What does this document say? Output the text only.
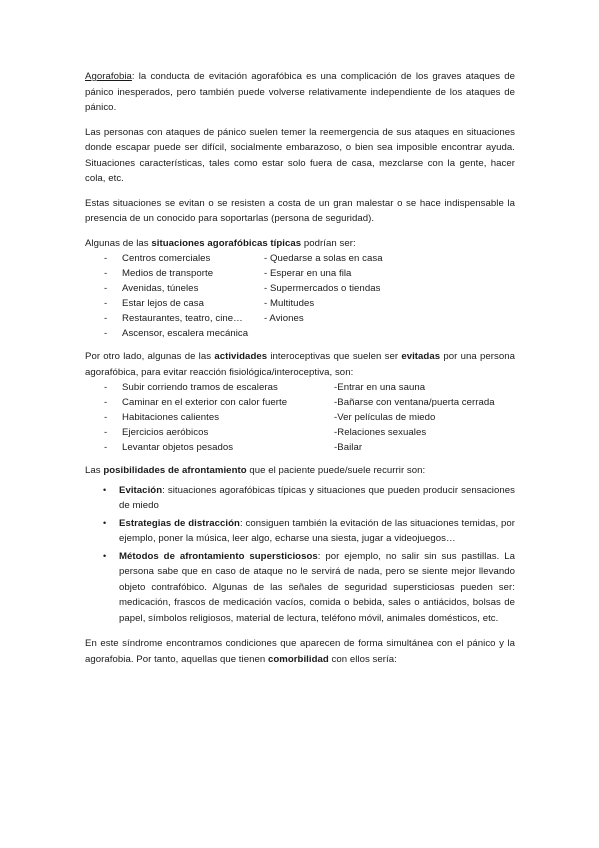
Agorafobia: la conducta de evitación agorafóbica es una complicación de los graves ataques de pánico inesperados, pero también puede volverse relativamente independiente de los ataques de pánico.

Las personas con ataques de pánico suelen temer la reemergencia de sus ataques en situaciones donde escapar puede ser difícil, socialmente embarazoso, o bien sea imposible encontrar ayuda. Situaciones características, tales como estar solo fuera de casa, mezclarse con la gente, hacer cola, etc.

Estas situaciones se evitan o se resisten a costa de un gran malestar o se hace indispensable la presencia de un conocido para soportarlas (persona de seguridad).

Algunas de las situaciones agorafóbicas típicas podrían ser:

-	Centros comerciales	- Quedarse a solas en casa
-	Medios de transporte	- Esperar en una fila
-	Avenidas, túneles	- Supermercados o tiendas
-	Estar lejos de casa	- Multitudes
-	Restaurantes, teatro, cine…	- Aviones
-	Ascensor, escalera mecánica

Por otro lado, algunas de las actividades interoceptivas que suelen ser evitadas por una persona agorafóbica, para evitar reacción fisiológica/interoceptiva, son:

-	Subir corriendo tramos de escaleras	-Entrar en una sauna
-	Caminar en el exterior con calor fuerte	-Bañarse con ventana/puerta cerrada
-	Habitaciones calientes	-Ver películas de miedo
-	Ejercicios aeróbicos	-Relaciones sexuales
-	Levantar objetos pesados	-Bailar

Las posibilidades de afrontamiento que el paciente puede/suele recurrir son:

•	Evitación: situaciones agorafóbicas típicas y situaciones que pueden producir sensaciones de miedo
•	Estrategias de distracción: consiguen también la evitación de las situaciones temidas, por ejemplo, poner la música, leer algo, echarse una siesta, jugar a videojuegos…
•	Métodos de afrontamiento supersticiosos: por ejemplo, no salir sin sus pastillas. La persona sabe que en caso de ataque no le servirá de nada, pero se siente mejor llevando objeto contrafóbico. Algunas de las señales de seguridad supersticiosas pueden ser: medicación, frascos de medicación vacíos, comida o bebida, sales o antiácidos, bolsas de papel, símbolos religiosos, material de lectura, teléfono móvil, animales domésticos, etc.

En este síndrome encontramos condiciones que aparecen de forma simultánea con el pánico y la agorafobia. Por tanto, aquellas que tienen comorbilidad con ellos sería:
